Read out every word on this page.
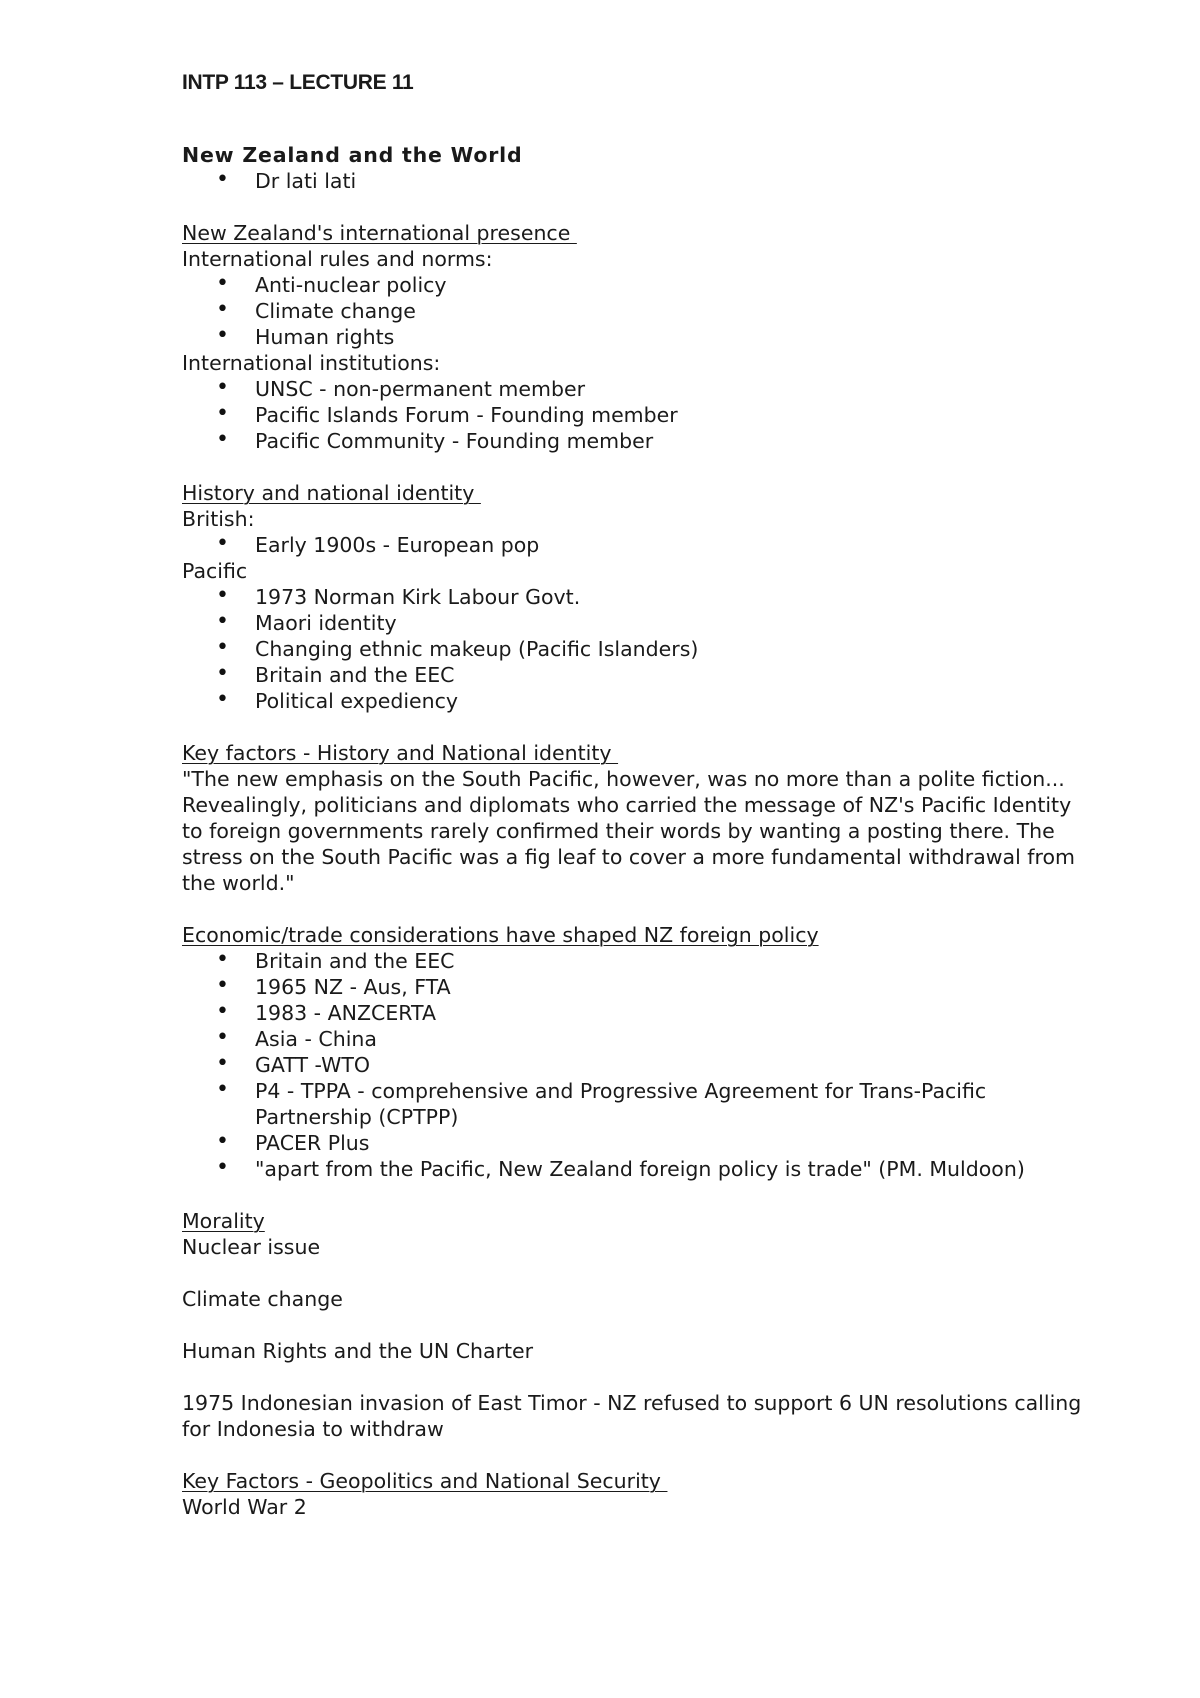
INTP 113 – LECTURE 11
New Zealand and the World
• Dr lati lati
New Zealand's international presence
International rules and norms:
• Anti-nuclear policy
• Climate change
• Human rights
International institutions:
• UNSC - non-permanent member
• Pacific Islands Forum - Founding member
• Pacific Community - Founding member
History and national identity
British:
• Early 1900s - European pop
Pacific
• 1973 Norman Kirk Labour Govt.
• Maori identity
• Changing ethnic makeup (Pacific Islanders)
• Britain and the EEC
• Political expediency
Key factors - History and National identity
"The new emphasis on the South Pacific, however, was no more than a polite fiction... Revealingly, politicians and diplomats who carried the message of NZ's Pacific Identity to foreign governments rarely confirmed their words by wanting a posting there. The stress on the South Pacific was a fig leaf to cover a more fundamental withdrawal from the world."
Economic/trade considerations have shaped NZ foreign policy
• Britain and the EEC
• 1965 NZ - Aus, FTA
• 1983 - ANZCERTA
• Asia - China
• GATT -WTO
• P4 - TPPA - comprehensive and Progressive Agreement for Trans-Pacific Partnership (CPTPP)
• PACER Plus
• "apart from the Pacific, New Zealand foreign policy is trade" (PM. Muldoon)
Morality
Nuclear issue
Climate change
Human Rights and the UN Charter
1975 Indonesian invasion of East Timor - NZ refused to support 6 UN resolutions calling for Indonesia to withdraw
Key Factors - Geopolitics and National Security
World War 2
